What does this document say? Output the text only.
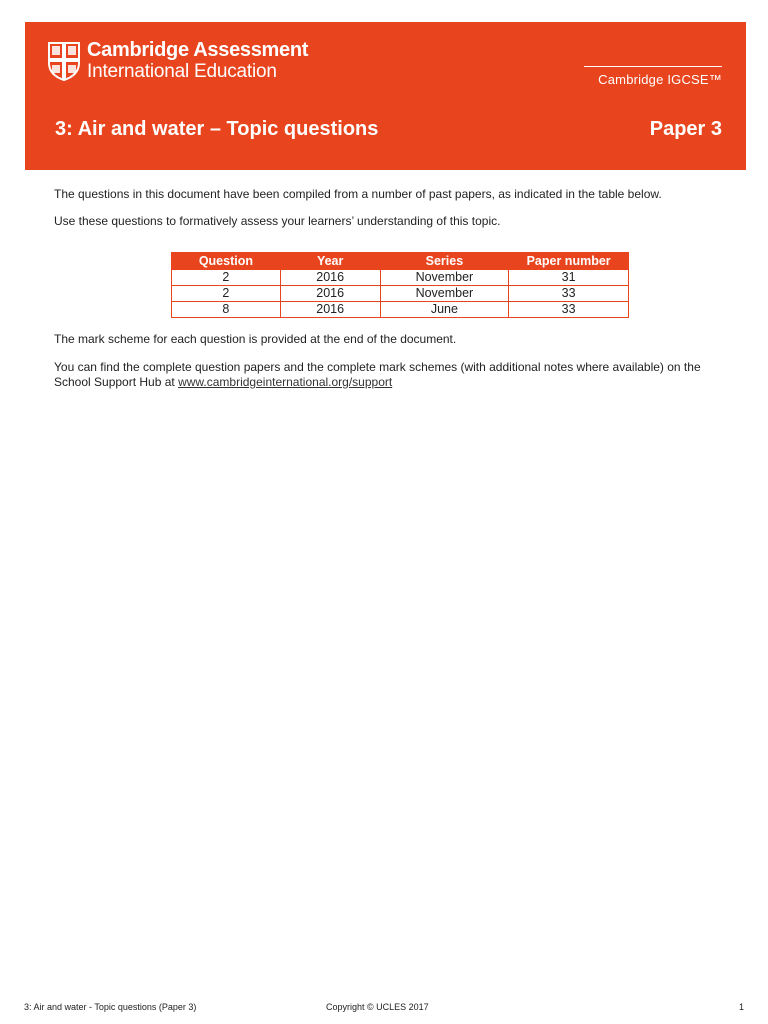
Cambridge Assessment
International Education	Cambridge IGCSE™
3: Air and water – Topic questions	Paper 3

The questions in this document have been compiled from a number of past papers, as indicated in the table below.

Use these questions to formatively assess your learners’ understanding of this topic.

Question	Year	Series	Paper number
2	2016	November	31
2	2016	November	33
8	2016	June	33

The mark scheme for each question is provided at the end of the document.

You can find the complete question papers and the complete mark schemes (with additional notes where available) on the School Support Hub at www.cambridgeinternational.org/support

3: Air and water - Topic questions (Paper 3)	Copyright © UCLES 2017	1
